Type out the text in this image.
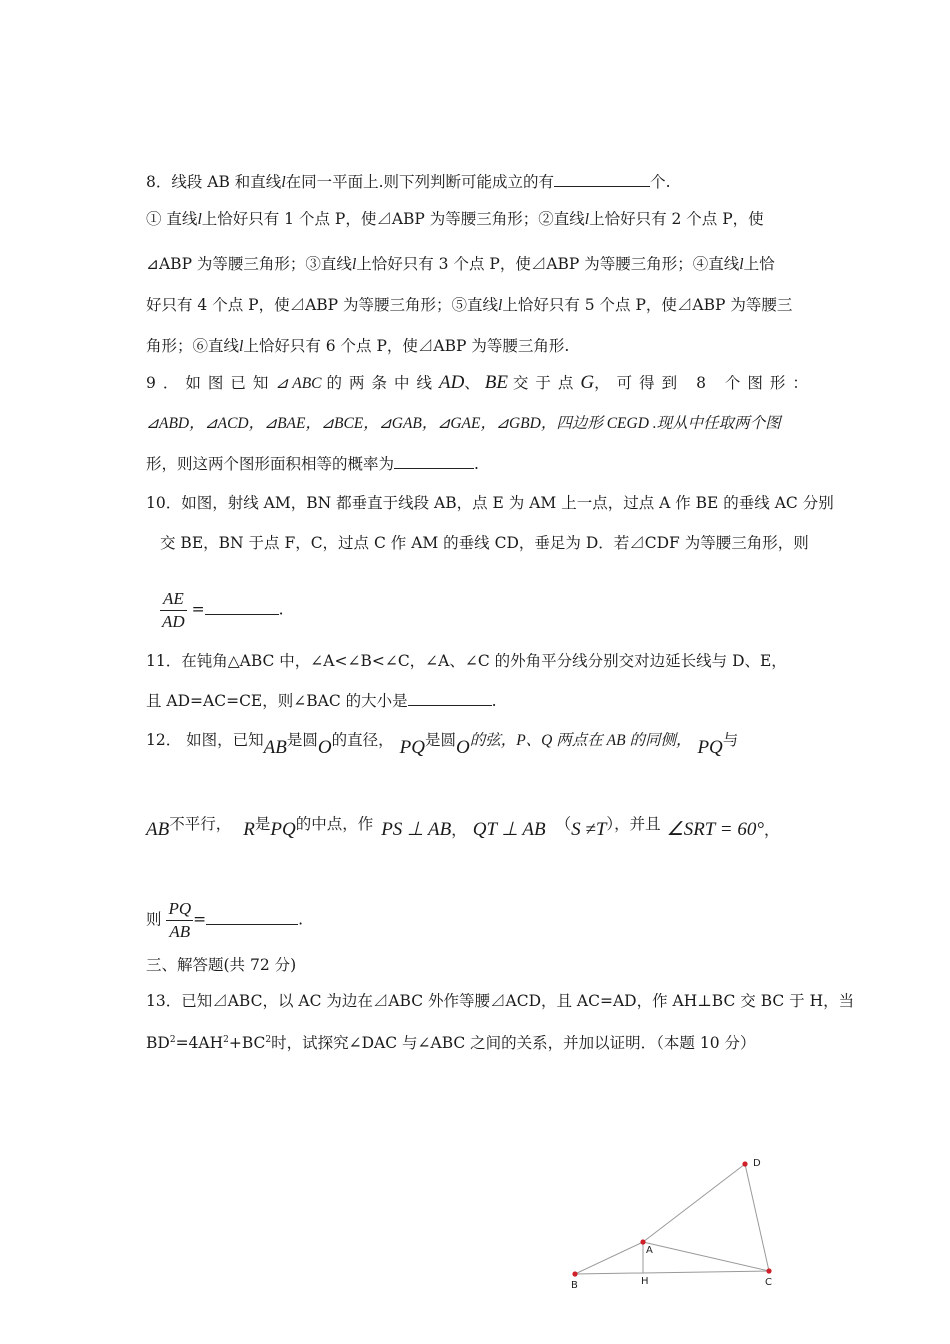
8．线段 AB 和直线l在同一平面上.则下列判断可能成立的有	个.
① 直线l上恰好只有 1 个点 P，使⊿ABP 为等腰三角形；②直线l上恰好只有 2 个点 P，使
⊿ABP 为等腰三角形；③直线l上恰好只有 3 个点 P，使⊿ABP 为等腰三角形；④直线l上恰
好只有 4 个点 P，使⊿ABP 为等腰三角形；⑤直线l上恰好只有 5 个点 P，使⊿ABP 为等腰三
角形；⑥直线l上恰好只有 6 个点 P，使⊿ABP 为等腰三角形.
9．如图已知⊿ ABC 的两条中线AD、 BE 交于点G，可得到 8 个图形：
⊿ABD，⊿ACD，⊿BAE，⊿BCE，⊿GAB，⊿GAE，⊿GBD，四边形 CEGD .现从中任取两个图
形，则这两个图形面积相等的概率为	.
10．如图，射线 AM，BN 都垂直于线段 AB，点 E 为 AM 上一点，过点 A 作 BE 的垂线 AC 分别
交 BE，BN 于点 F，C，过点 C 作 AM 的垂线 CD，垂足为 D．若⊿CDF 为等腰三角形，则
$\frac{AE}{AD}$ =	.
11．在钝角△ABC 中，∠A<∠B<∠C，∠A、∠C 的外角平分线分别交对边延长线与 D、E，
且 AD=AC=CE，则∠BAC 的大小是	.
12． 如图，已知AB是圆O的直径， PQ是圆O的弦，P、Q 两点在 AB 的同侧， PQ与
AB不平行， R是PQ的中点，作 PS ⊥ AB， QT ⊥ AB （S ≠T），并且 ∠SRT = 60°，
则 $\frac{PQ}{AB}$ =	.
三、解答题(共 72 分)
13．已知⊿ABC，以 AC 为边在⊿ABC 外作等腰⊿ACD，且 AC=AD，作 AH⊥BC 交 BC 于 H，当
$BD^2=4AH^2+BC^2$时，试探究∠DAC 与∠ABC 之间的关系，并加以证明．（本题 10 分）
D
A
B	H	C
